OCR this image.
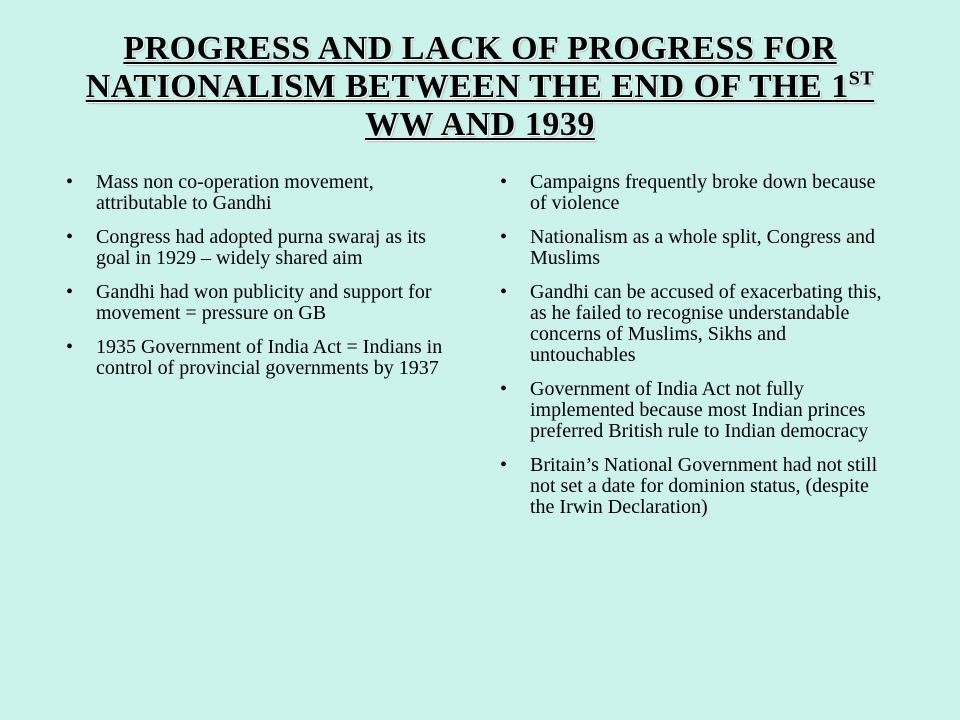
PROGRESS AND LACK OF PROGRESS FOR NATIONALISM BETWEEN THE END OF THE 1ST WW AND 1939
• Mass non co-operation movement, attributable to Gandhi
• Congress had adopted purna swaraj as its goal in 1929 – widely shared aim
• Gandhi had won publicity and support for movement = pressure on GB
• 1935 Government of India Act = Indians in control of provincial governments by 1937
• Campaigns frequently broke down because of violence
• Nationalism as a whole split, Congress and Muslims
• Gandhi can be accused of exacerbating this, as he failed to recognise understandable concerns of Muslims, Sikhs and untouchables
• Government of India Act not fully implemented because most Indian princes preferred British rule to Indian democracy
• Britain’s National Government had not still not set a date for dominion status, (despite the Irwin Declaration)
